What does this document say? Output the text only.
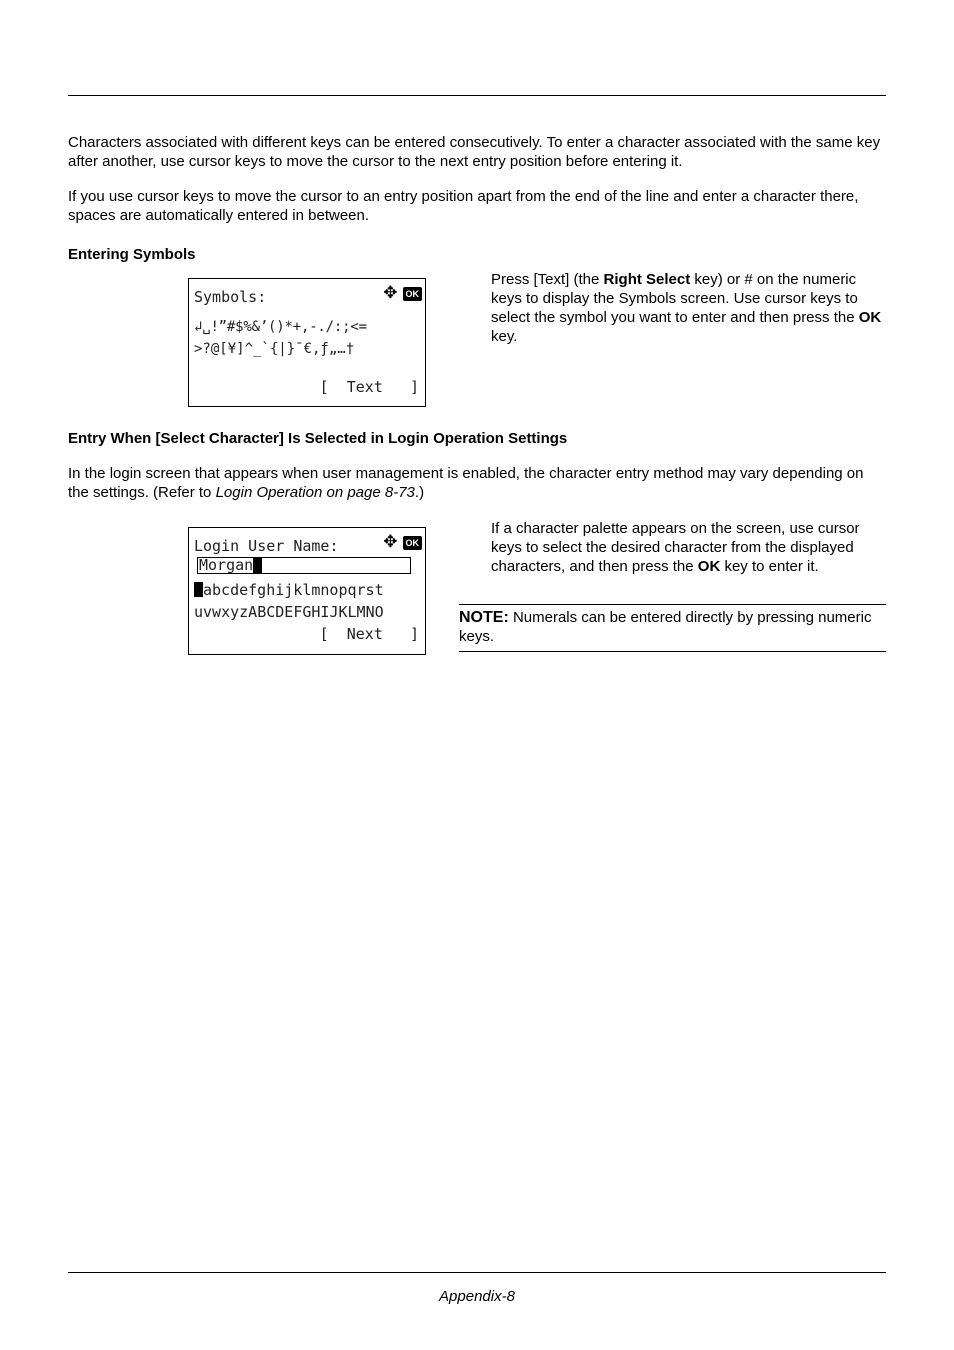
Characters associated with different keys can be entered consecutively. To enter a character associated with the same key after another, use cursor keys to move the cursor to the next entry position before entering it.

If you use cursor keys to move the cursor to an entry position apart from the end of the line and enter a character there, spaces are automatically entered in between.

Entering Symbols

Symbols:	✥ OK
↲␣!”#$%&’()*+,-./:;<=
>?@[¥]^_`{|}¯€,ƒ„…†
[  Text   ]

Press [Text] (the Right Select key) or # on the numeric keys to display the Symbols screen. Use cursor keys to select the symbol you want to enter and then press the OK key.

Entry When [Select Character] Is Selected in Login Operation Settings

In the login screen that appears when user management is enabled, the character entry method may vary depending on the settings. (Refer to Login Operation on page 8-73.)

Login User Name:	✥ OK
Morgan
abcdefghijklmnopqrst
uvwxyzABCDEFGHIJKLMNO
[  Next   ]

If a character palette appears on the screen, use cursor keys to select the desired character from the displayed characters, and then press the OK key to enter it.

NOTE: Numerals can be entered directly by pressing numeric keys.

Appendix-8
